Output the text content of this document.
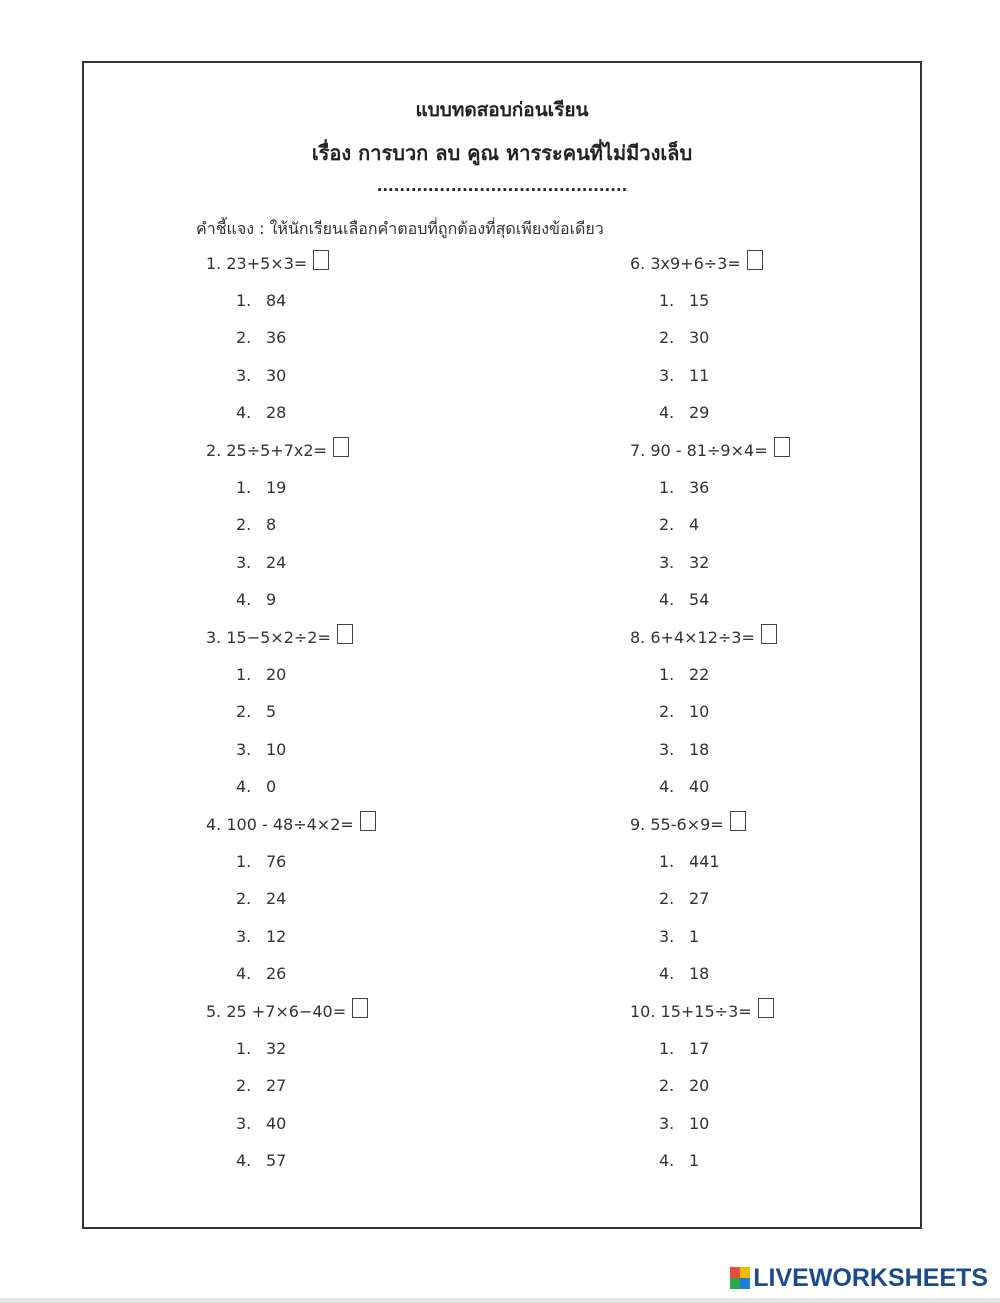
แบบทดสอบก่อนเรียน
เรื่อง การบวก ลบ คูณ หารระคนที่ไม่มีวงเล็บ
............................................
คำชี้แจง : ให้นักเรียนเลือกคำตอบที่ถูกต้องที่สุดเพียงข้อเดียว
1. 23+5×3=
1. 84
2. 36
3. 30
4. 28
2. 25÷5+7x2=
1. 19
2. 8
3. 24
4. 9
3. 15−5×2÷2=
1. 20
2. 5
3. 10
4. 0
4. 100 - 48÷4×2=
1. 76
2. 24
3. 12
4. 26
5. 25 +7×6−40=
1. 32
2. 27
3. 40
4. 57
6. 3x9+6÷3=
1. 15
2. 30
3. 11
4. 29
7. 90 - 81÷9×4=
1. 36
2. 4
3. 32
4. 54
8. 6+4×12÷3=
1. 22
2. 10
3. 18
4. 40
9. 55-6×9=
1. 441
2. 27
3. 1
4. 18
10. 15+15÷3=
1. 17
2. 20
3. 10
4. 1
LIVEWORKSHEETS
